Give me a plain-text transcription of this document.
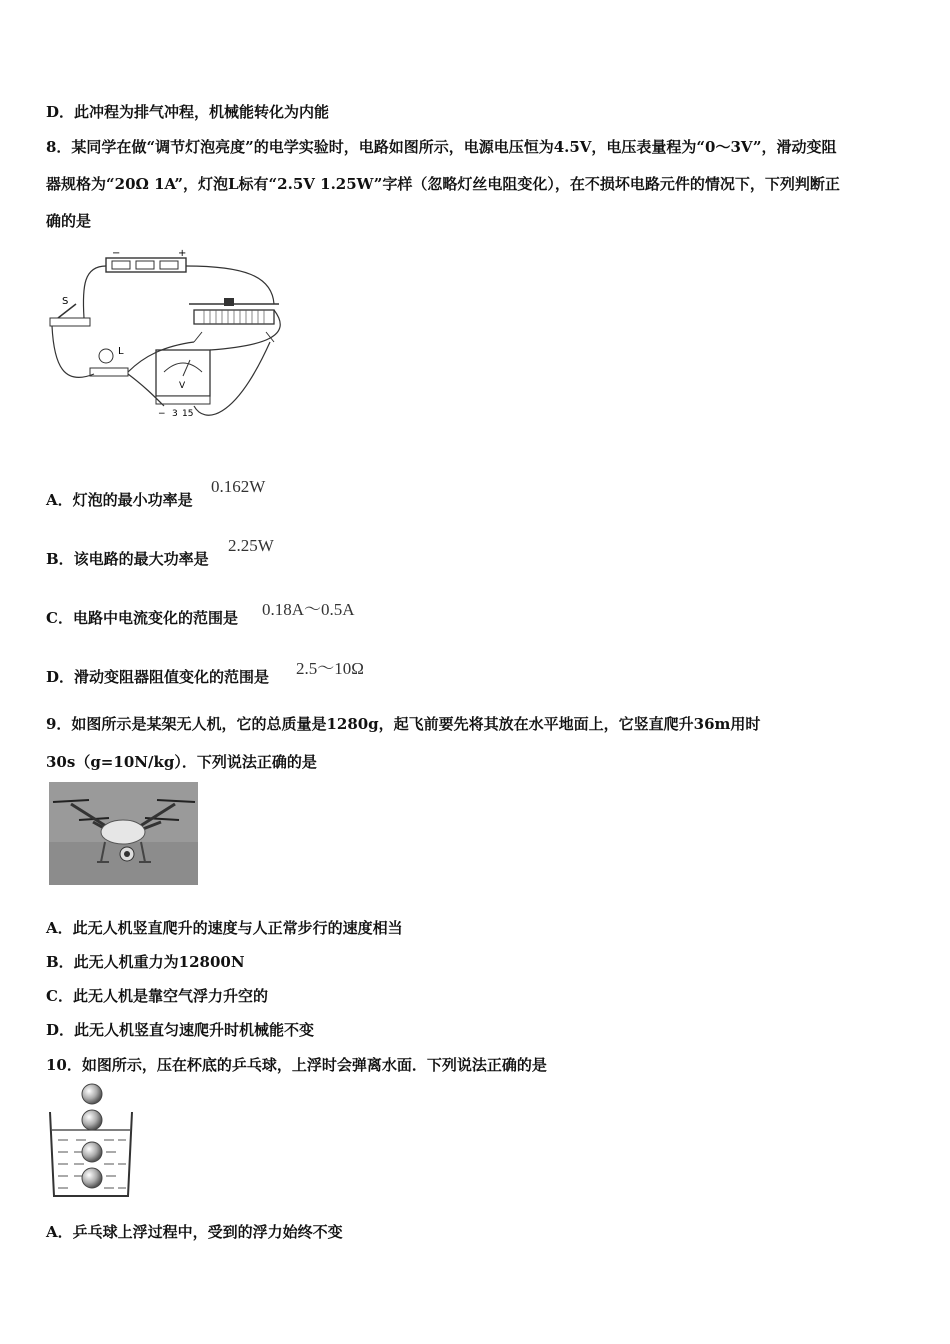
D．此冲程为排气冲程，机械能转化为内能
8．某同学在做“调节灯泡亮度”的电学实验时，电路如图所示，电源电压恒为4.5V，电压表量程为“0～3V”，滑动变阻
器规格为“20Ω 1A”，灯泡L标有“2.5V 1.25W”字样（忽略灯丝电阻变化），在不损坏电路元件的情况下，下列判断正
确的是
−	+
S
L
V
− 3 15
A．灯泡的最小功率是
0.162W
B．该电路的最大功率是
2.25W
C．电路中电流变化的范围是 0.18A～0.5A
D．滑动变阻器阻值变化的范围是 2.5～10Ω
9．如图所示是某架无人机，它的总质量是1280g，起飞前要先将其放在水平地面上，它竖直爬升36m用时
30s（g=10N/kg）．下列说法正确的是
A．此无人机竖直爬升的速度与人正常步行的速度相当
B．此无人机重力为12800N
C．此无人机是靠空气浮力升空的
D．此无人机竖直匀速爬升时机械能不变
10．如图所示，压在杯底的乒乓球，上浮时会弹离水面．下列说法正确的是
A．乒乓球上浮过程中，受到的浮力始终不变
